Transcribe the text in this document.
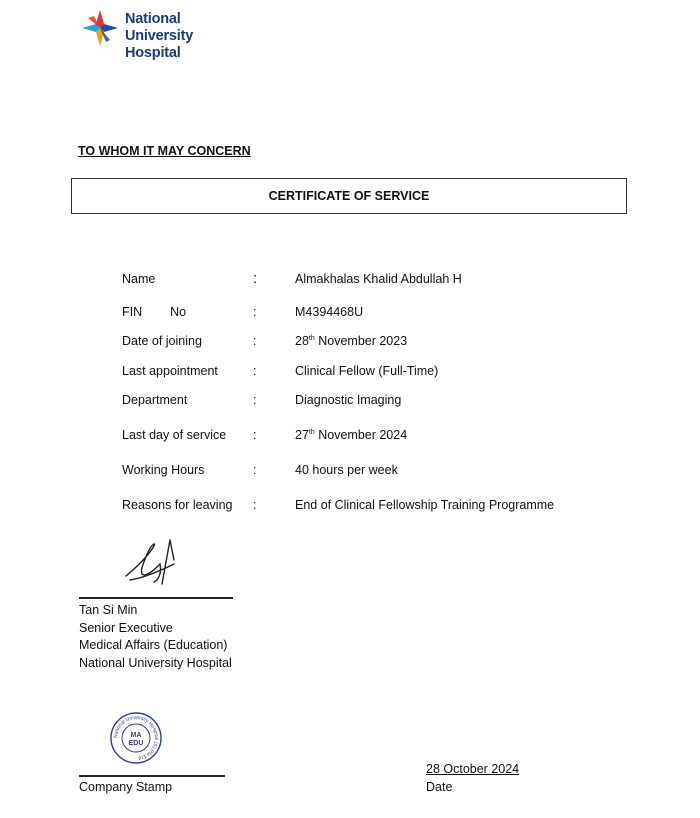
National University
Hospital
TO WHOM IT MAY CONCERN
CERTIFICATE OF SERVICE
Name	:	Almakhalas Khalid Abdullah H
FIN No	:	M4394468U
Date of joining	:	28th November 2023
Last appointment	:	Clinical Fellow (Full-Time)
Department	:	Diagnostic Imaging
Last day of service :	27th November 2024
Working Hours	:	40 hours per week
Reasons for leaving :	End of Clinical Fellowship Training Programme
Tan Si Min
Senior Executive
Medical Affairs (Education)
National University Hospital
National University Hospital (S) Pte Ltd
MA
EDU
Company Stamp
28 October 2024
Date
